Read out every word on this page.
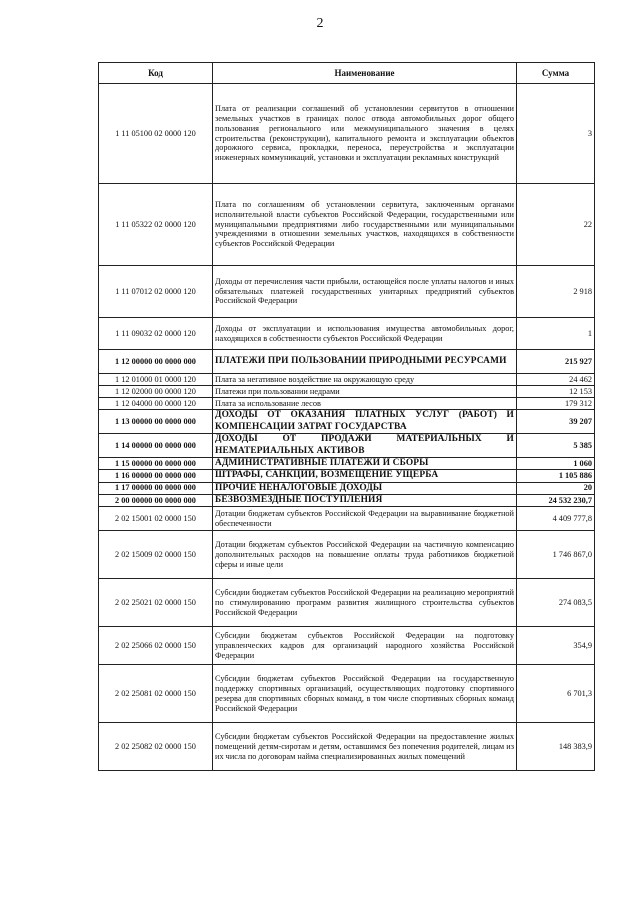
2
Код	Наименование	Сумма
1 11 05100 02 0000 120	Плата от реализации соглашений об установлении сервитутов в отношении земельных участков в границах полос отвода автомобильных дорог общего пользования регионального или межмуниципального значения в целях строительства (реконструкции), капитального ремонта и эксплуатации объектов дорожного сервиса, прокладки, переноса, переустройства и эксплуатации инженерных коммуникаций, установки и эксплуатации рекламных конструкций	3
1 11 05322 02 0000 120	Плата по соглашениям об установлении сервитута, заключенным органами исполнительной власти субъектов Российской Федерации, государственными или муниципальными предприятиями либо государственными или муниципальными учреждениями в отношении земельных участков, находящихся в собственности субъектов Российской Федерации	22
1 11 07012 02 0000 120	Доходы от перечисления части прибыли, остающейся после уплаты налогов и иных обязательных платежей государственных унитарных предприятий субъектов Российской Федерации	2 918
1 11 09032 02 0000 120	Доходы от эксплуатации и использования имущества автомобильных дорог, находящихся в собственности субъектов Российской Федерации	1
1 12 00000 00 0000 000	ПЛАТЕЖИ ПРИ ПОЛЬЗОВАНИИ ПРИРОДНЫМИ РЕСУРСАМИ	215 927
1 12 01000 01 0000 120	Плата за негативное воздействие на окружающую среду	24 462
1 12 02000 00 0000 120	Платежи при пользовании недрами	12 153
1 12 04000 00 0000 120	Плата за использование лесов	179 312
1 13 00000 00 0000 000	ДОХОДЫ ОТ ОКАЗАНИЯ ПЛАТНЫХ УСЛУГ (РАБОТ) И КОМПЕНСАЦИИ ЗАТРАТ ГОСУДАРСТВА	39 207
1 14 00000 00 0000 000	ДОХОДЫ ОТ ПРОДАЖИ МАТЕРИАЛЬНЫХ И НЕМАТЕРИАЛЬНЫХ АКТИВОВ	5 385
1 15 00000 00 0000 000	АДМИНИСТРАТИВНЫЕ ПЛАТЕЖИ И СБОРЫ	1 060
1 16 00000 00 0000 000	ШТРАФЫ, САНКЦИИ, ВОЗМЕЩЕНИЕ УЩЕРБА	1 105 886
1 17 00000 00 0000 000	ПРОЧИЕ НЕНАЛОГОВЫЕ ДОХОДЫ	20
2 00 00000 00 0000 000	БЕЗВОЗМЕЗДНЫЕ ПОСТУПЛЕНИЯ	24 532 230,7
2 02 15001 02 0000 150	Дотации бюджетам субъектов Российской Федерации на выравнивание бюджетной обеспеченности	4 409 777,8
2 02 15009 02 0000 150	Дотации бюджетам субъектов Российской Федерации на частичную компенсацию дополнительных расходов на повышение оплаты труда работников бюджетной сферы и иные цели	1 746 867,0
2 02 25021 02 0000 150	Субсидии бюджетам субъектов Российской Федерации на реализацию мероприятий по стимулированию программ развития жилищного строительства субъектов Российской Федерации	274 083,5
2 02 25066 02 0000 150	Субсидии бюджетам субъектов Российской Федерации на подготовку управленческих кадров для организаций народного хозяйства Российской Федерации	354,9
2 02 25081 02 0000 150	Субсидии бюджетам субъектов Российской Федерации на государственную поддержку спортивных организаций, осуществляющих подготовку спортивного резерва для спортивных сборных команд, в том числе спортивных сборных команд Российской Федерации	6 701,3
2 02 25082 02 0000 150	Субсидии бюджетам субъектов Российской Федерации на предоставление жилых помещений детям-сиротам и детям, оставшимся без попечения родителей, лицам из их числа по договорам найма специализированных жилых помещений	148 383,9
